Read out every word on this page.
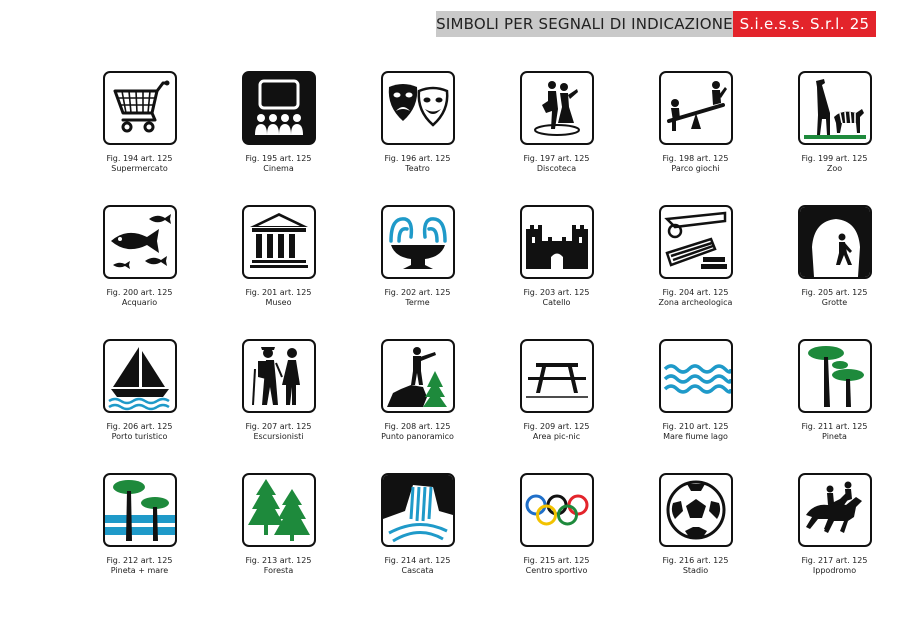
SIMBOLI PER SEGNALI DI INDICAZIONE S.i.e.s.s. S.r.l. 25
Fig. 194 art. 125
Supermercato
Fig. 195 art. 125
Cinema
Fig. 196 art. 125
Teatro
Fig. 197 art. 125
Discoteca
Fig. 198 art. 125
Parco giochi
Fig. 199 art. 125
Zoo
Fig. 200 art. 125
Acquario
Fig. 201 art. 125
Museo
Fig. 202 art. 125
Terme
Fig. 203 art. 125
Catello
Fig. 204 art. 125
Zona archeologica
Fig. 205 art. 125
Grotte
Fig. 206 art. 125
Porto turistico
Fig. 207 art. 125
Escursionisti
Fig. 208 art. 125
Punto panoramico
Fig. 209 art. 125
Area pic-nic
Fig. 210 art. 125
Mare fiume lago
Fig. 211 art. 125
Pineta
Fig. 212 art. 125
Pineta + mare
Fig. 213 art. 125
Foresta
Fig. 214 art. 125
Cascata
Fig. 215 art. 125
Centro sportivo
Fig. 216 art. 125
Stadio
Fig. 217 art. 125
Ippodromo
